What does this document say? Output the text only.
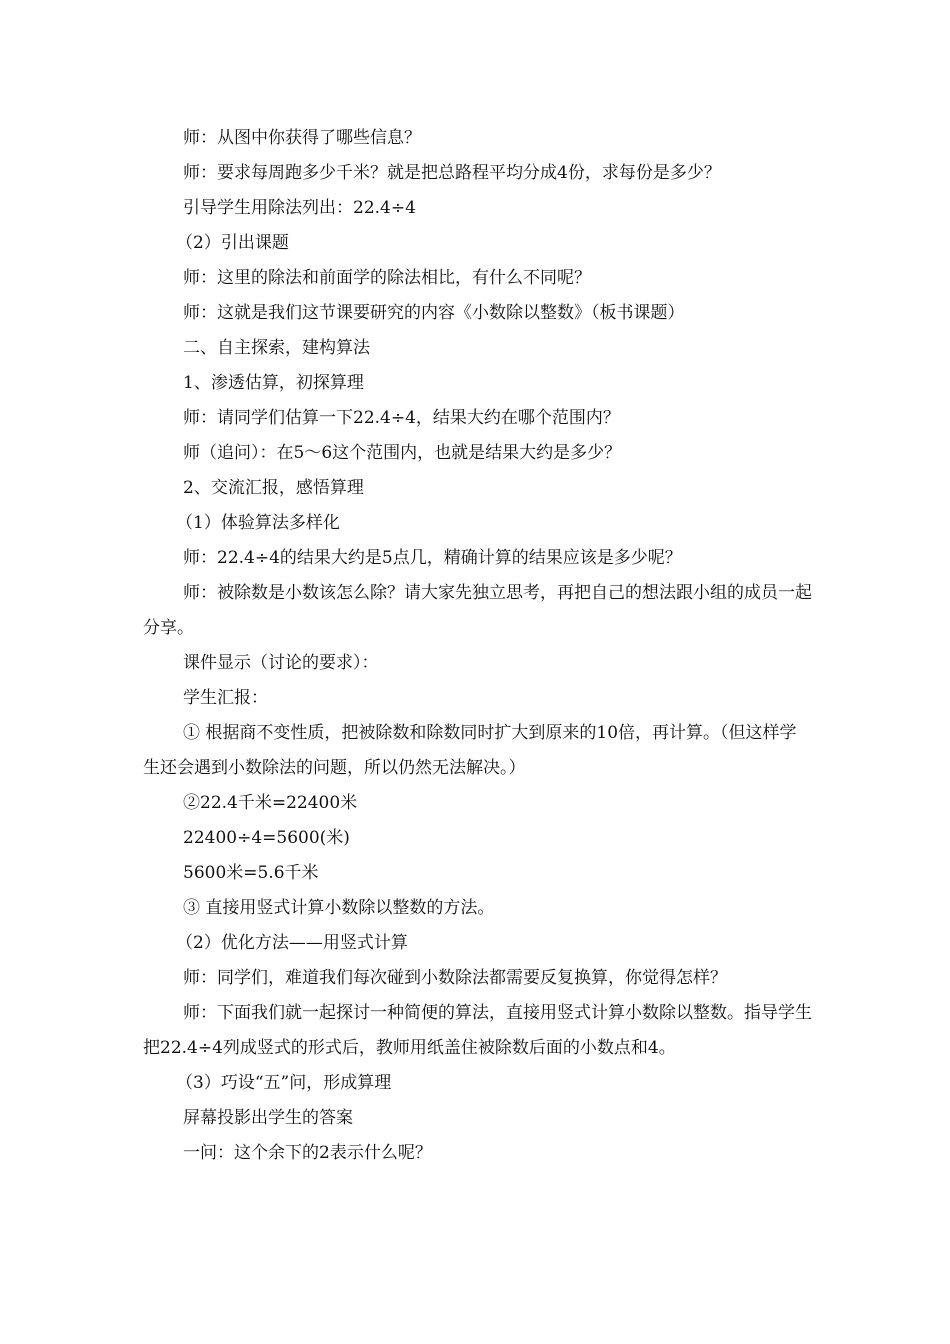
师：从图中你获得了哪些信息？

师：要求每周跑多少千米？就是把总路程平均分成4份，求每份是多少？

引导学生用除法列出：22.4÷4

（2）引出课题

师：这里的除法和前面学的除法相比，有什么不同呢？

师：这就是我们这节课要研究的内容《小数除以整数》（板书课题）

二、自主探索，建构算法

1、渗透估算，初探算理

师：请同学们估算一下22.4÷4，结果大约在哪个范围内？

师（追问）：在5～6这个范围内，也就是结果大约是多少？

2、交流汇报，感悟算理

（1）体验算法多样化

师：22.4÷4的结果大约是5点几，精确计算的结果应该是多少呢？

师：被除数是小数该怎么除？请大家先独立思考，再把自己的想法跟小组的成员一起分享。

课件显示（讨论的要求）：

学生汇报：

① 根据商不变性质，把被除数和除数同时扩大到原来的10倍，再计算。（但这样学生还会遇到小数除法的问题，所以仍然无法解决。）

②22.4千米=22400米

22400÷4=5600(米)

5600米=5.6千米

③ 直接用竖式计算小数除以整数的方法。

（2）优化方法——用竖式计算

师：同学们，难道我们每次碰到小数除法都需要反复换算，你觉得怎样？

师：下面我们就一起探讨一种简便的算法，直接用竖式计算小数除以整数。指导学生把22.4÷4列成竖式的形式后，教师用纸盖住被除数后面的小数点和4。

（3）巧设“五”问，形成算理

屏幕投影出学生的答案

一问：这个余下的2表示什么呢？
